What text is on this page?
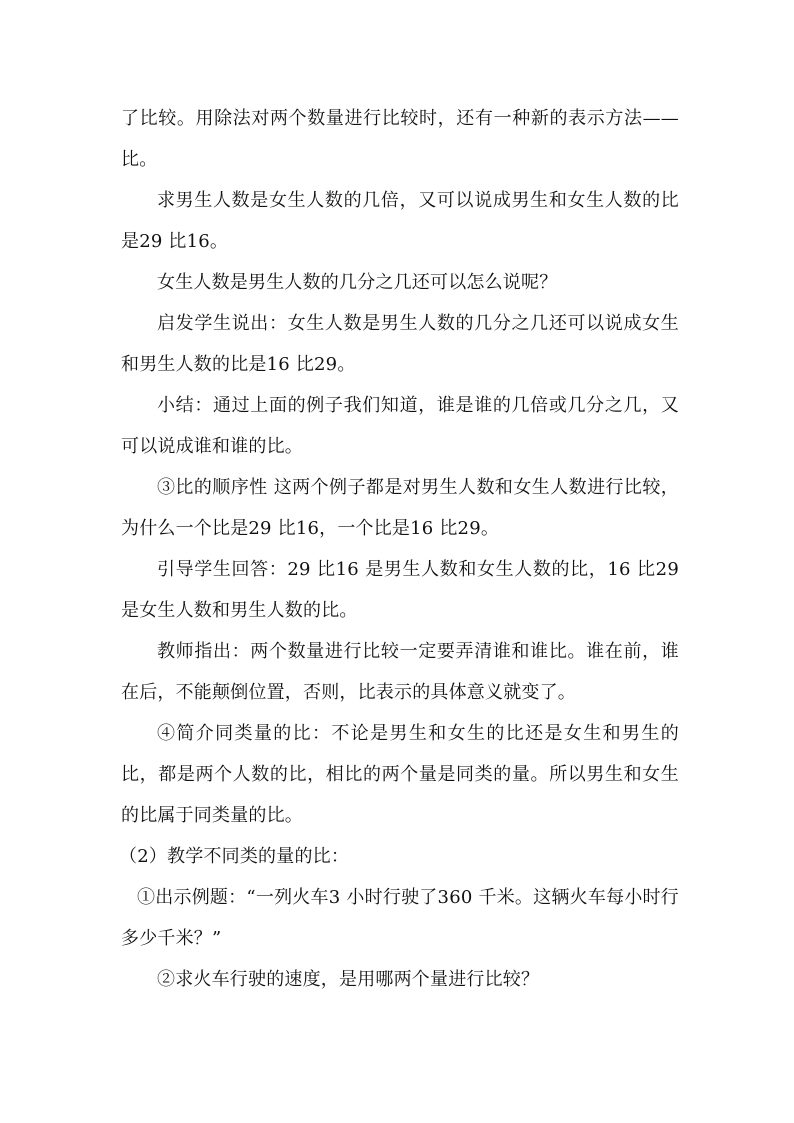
了比较。用除法对两个数量进行比较时，还有一种新的表示方法——比。

求男生人数是女生人数的几倍，又可以说成男生和女生人数的比是29 比16。

女生人数是男生人数的几分之几还可以怎么说呢？

启发学生说出：女生人数是男生人数的几分之几还可以说成女生和男生人数的比是16 比29。

小结：通过上面的例子我们知道，谁是谁的几倍或几分之几，又可以说成谁和谁的比。

③比的顺序性 这两个例子都是对男生人数和女生人数进行比较，为什么一个比是29 比16，一个比是16 比29。

引导学生回答：29 比16 是男生人数和女生人数的比，16 比29 是女生人数和男生人数的比。

教师指出：两个数量进行比较一定要弄清谁和谁比。谁在前，谁在后，不能颠倒位置，否则，比表示的具体意义就变了。

④简介同类量的比：不论是男生和女生的比还是女生和男生的比，都是两个人数的比，相比的两个量是同类的量。所以男生和女生的比属于同类量的比。

（2）教学不同类的量的比：

①出示例题：“一列火车3 小时行驶了360 千米。这辆火车每小时行多少千米？”

②求火车行驶的速度，是用哪两个量进行比较？
